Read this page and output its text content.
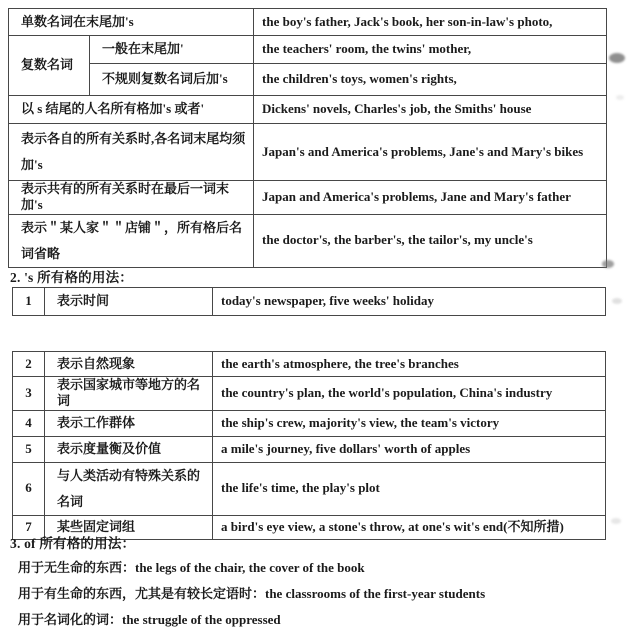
单数名词在末尾加's		the boy's father, Jack's book, her son-in-law's photo,
复数名词	一般在末尾加'	the teachers' room, the twins' mother,
	不规则复数名词后加's	the children's toys, women's rights,
以 s 结尾的人名所有格加's 或者'		Dickens' novels, Charles's job, the Smiths' house
表示各自的所有关系时,各名词末尾均须加's		Japan's and America's problems, Jane's and Mary's bikes
表示共有的所有关系时在最后一词末加's		Japan and America's problems, Jane and Mary's father
表示＂某人家＂＂店铺＂，所有格后名词省略		the doctor's, the barber's, the tailor's, my uncle's
2. 's 所有格的用法：
1	表示时间	today's newspaper, five weeks' holiday
2	表示自然现象	the earth's atmosphere, the tree's branches
3	表示国家城市等地方的名词	the country's plan, the world's population, China's industry
4	表示工作群体	the ship's crew, majority's view, the team's victory
5	表示度量衡及价值	a mile's journey, five dollars' worth of apples
6	与人类活动有特殊关系的名词	the life's time, the play's plot
7	某些固定词组	a bird's eye view, a stone's throw, at one's wit's end(不知所措)
3. of 所有格的用法：
用于无生命的东西：the legs of the chair, the cover of the book
用于有生命的东西，尤其是有较长定语时：the classrooms of the first-year students
用于名词化的词：the struggle of the oppressed
